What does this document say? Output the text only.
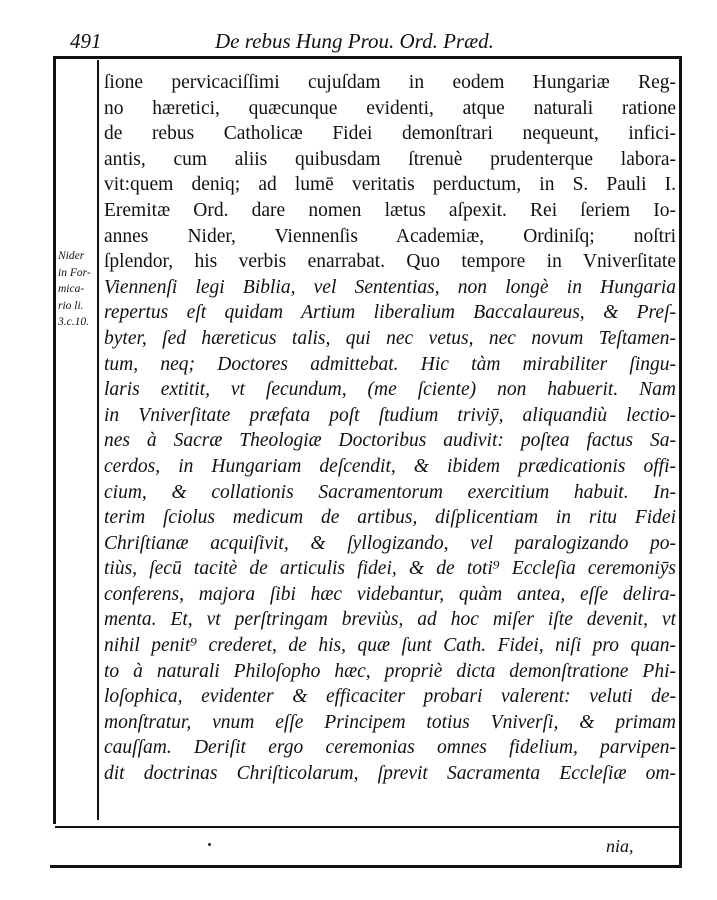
491	De rebus Hung Prou. Ord. Præd.
Nider
in For-
mica-
rio li.
3.c.10.
ſione pervicaciſſimi cujuſdam in eodem Hungariæ Reg-
no hæretici, quæcunque evidenti, atque naturali ratione
de rebus Catholicæ Fidei demonſtrari nequeunt, infici-
antis, cum aliis quibusdam ſtrenuè prudenterque labora-
vit:quem deniq; ad lumē veritatis perductum, in S. Pauli I.
Eremitæ Ord. dare nomen lætus aſpexit. Rei ſeriem Io-
annes Nider, Viennenſis Academiæ, Ordiniſq; noſtri
ſplendor, his verbis enarrabat. Quo tempore in Vniverſitate
Viennenſi legi Biblia, vel Sententias, non longè in Hungaria
repertus eſt quidam Artium liberalium Baccalaureus, & Preſ-
byter, ſed hæreticus talis, qui nec vetus, nec novum Teſtamen-
tum, neq; Doctores admittebat. Hic tàm mirabiliter ſingu-
laris extitit, vt ſecundum, (me ſciente) non habuerit. Nam
in Vniverſitate præfata poſt ſtudium triviȳ, aliquandiù lectio-
nes à Sacræ Theologiæ Doctoribus audivit: poſtea factus Sa-
cerdos, in Hungariam deſcendit, & ibidem prædicationis offi-
cium, & collationis Sacramentorum exercitium habuit. In-
terim ſciolus medicum de artibus, diſplicentiam in ritu Fidei
Chriſtianæ acquiſivit, & ſyllogizando, vel paralogizando po-
tiùs, ſecū tacitè de articulis fidei, & de toti⁹ Eccleſia ceremoniȳs
conferens, majora ſibi hæc videbantur, quàm antea, eſſe delira-
menta. Et, vt perſtringam breviùs, ad hoc miſer iſte devenit, vt
nihil penit⁹ crederet, de his, quæ ſunt Cath. Fidei, niſi pro quan-
to à naturali Philoſopho hæc, propriè dicta demonſtratione Phi-
loſophica, evidenter & efficaciter probari valerent: veluti de-
monſtratur, vnum eſſe Principem totius Vniverſi, & primam
cauſſam. Deriſit ergo ceremonias omnes fidelium, parvipen-
dit doctrinas Chriſticolarum, ſprevit Sacramenta Eccleſiæ om-
nia,
